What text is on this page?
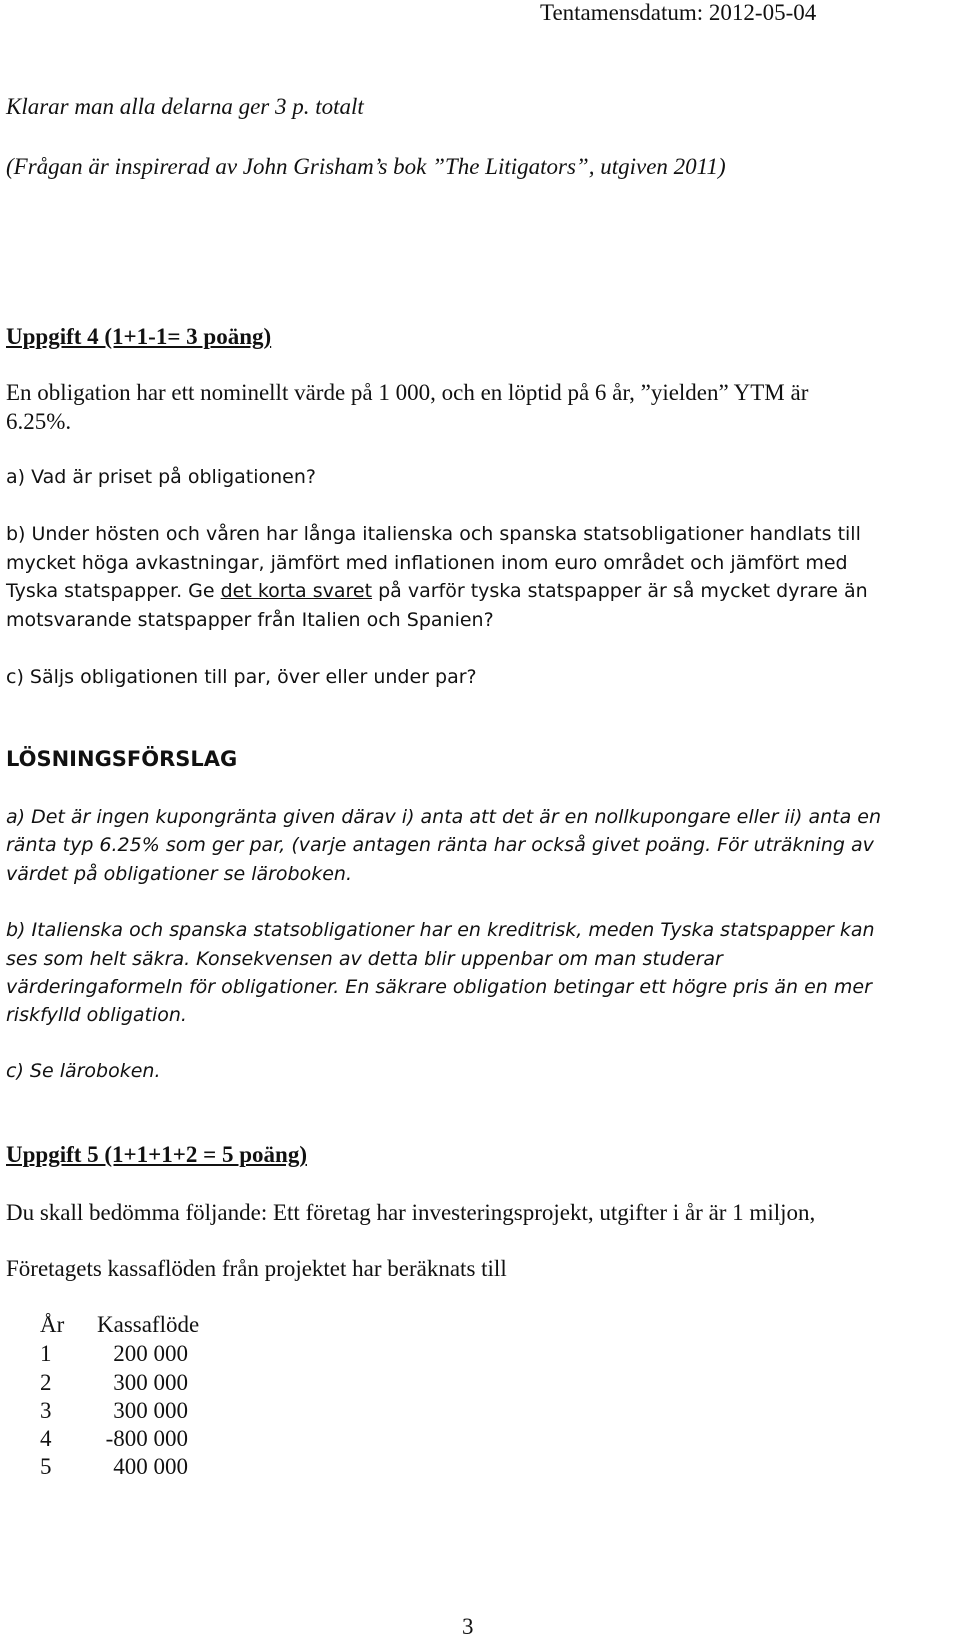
Tentamensdatum: 2012-05-04
Klarar man alla delarna ger 3 p. totalt
(Frågan är inspirerad av John Grisham’s bok ”The Litigators”, utgiven 2011)
Uppgift 4 (1+1-1= 3 poäng)
En obligation har ett nominellt värde på 1 000, och en löptid på 6 år, ”yielden” YTM är
6.25%.
a) Vad är priset på obligationen?
b) Under hösten och våren har långa italienska och spanska statsobligationer handlats till
mycket höga avkastningar, jämfört med inflationen inom euro området och jämfört med
Tyska statspapper. Ge det korta svaret på varför tyska statspapper är så mycket dyrare än
motsvarande statspapper från Italien och Spanien?
c) Säljs obligationen till par, över eller under par?
LÖSNINGSFÖRSLAG
a) Det är ingen kupongränta given därav i) anta att det är en nollkupongare eller ii) anta en
ränta typ 6.25% som ger par, (varje antagen ränta har också givet poäng. För uträkning av
värdet på obligationer se läroboken.
b) Italienska och spanska statsobligationer har en kreditrisk, meden Tyska statspapper kan
ses som helt säkra. Konsekvensen av detta blir uppenbar om man studerar
värderingaformeln för obligationer. En säkrare obligation betingar ett högre pris än en mer
riskfylld obligation.
c) Se läroboken.
Uppgift 5 (1+1+1+2 = 5 poäng)
Du skall bedömma följande: Ett företag har investeringsprojekt, utgifter i år är 1 miljon,
Företagets kassaflöden från projektet har beräknats till
År Kassaflöde
1	200 000
2	300 000
3	300 000
4	-800 000
5	400 000
3
